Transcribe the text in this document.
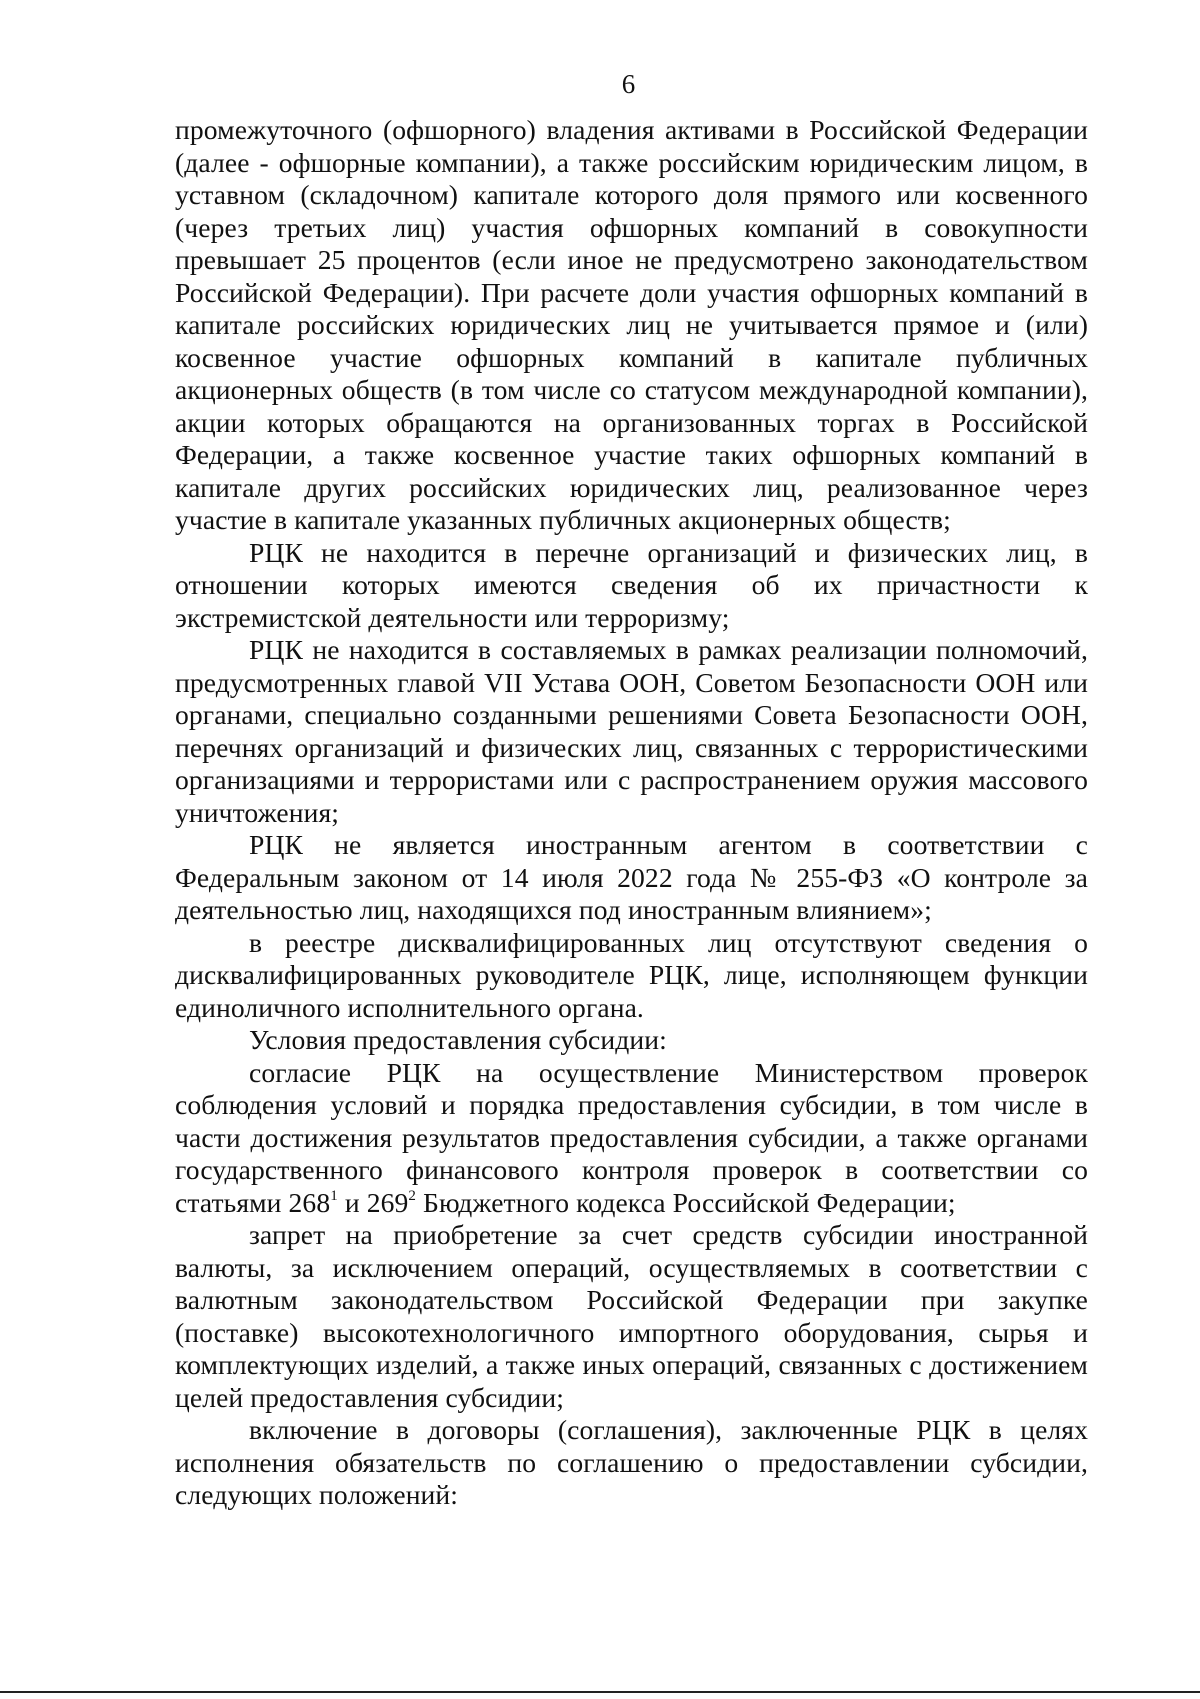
6

промежуточного (офшорного) владения активами в Российской Федерации (далее - офшорные компании), а также российским юридическим лицом, в уставном (складочном) капитале которого доля прямого или косвенного (через третьих лиц) участия офшорных компаний в совокупности превышает 25 процентов (если иное не предусмотрено законодательством Российской Федерации). При расчете доли участия офшорных компаний в капитале российских юридических лиц не учитывается прямое и (или) косвенное участие офшорных компаний в капитале публичных акционерных обществ (в том числе со статусом международной компании), акции которых обращаются на организованных торгах в Российской Федерации, а также косвенное участие таких офшорных компаний в капитале других российских юридических лиц, реализованное через участие в капитале указанных публичных акционерных обществ;

РЦК не находится в перечне организаций и физических лиц, в отношении которых имеются сведения об их причастности к экстремистской деятельности или терроризму;

РЦК не находится в составляемых в рамках реализации полномочий, предусмотренных главой VII Устава ООН, Советом Безопасности ООН или органами, специально созданными решениями Совета Безопасности ООН, перечнях организаций и физических лиц, связанных с террористическими организациями и террористами или с распространением оружия массового уничтожения;

РЦК не является иностранным агентом в соответствии с Федеральным законом от 14 июля 2022 года № 255-ФЗ «О контроле за деятельностью лиц, находящихся под иностранным влиянием»;

в реестре дисквалифицированных лиц отсутствуют сведения о дисквалифицированных руководителе РЦК, лице, исполняющем функции единоличного исполнительного органа.

Условия предоставления субсидии:

согласие РЦК на осуществление Министерством проверок соблюдения условий и порядка предоставления субсидии, в том числе в части достижения результатов предоставления субсидии, а также органами государственного финансового контроля проверок в соответствии со статьями $268^1$ и $269^2$ Бюджетного кодекса Российской Федерации;

запрет на приобретение за счет средств субсидии иностранной валюты, за исключением операций, осуществляемых в соответствии с валютным законодательством Российской Федерации при закупке (поставке) высокотехнологичного импортного оборудования, сырья и комплектующих изделий, а также иных операций, связанных с достижением целей предоставления субсидии;

включение в договоры (соглашения), заключенные РЦК в целях исполнения обязательств по соглашению о предоставлении субсидии, следующих положений:
